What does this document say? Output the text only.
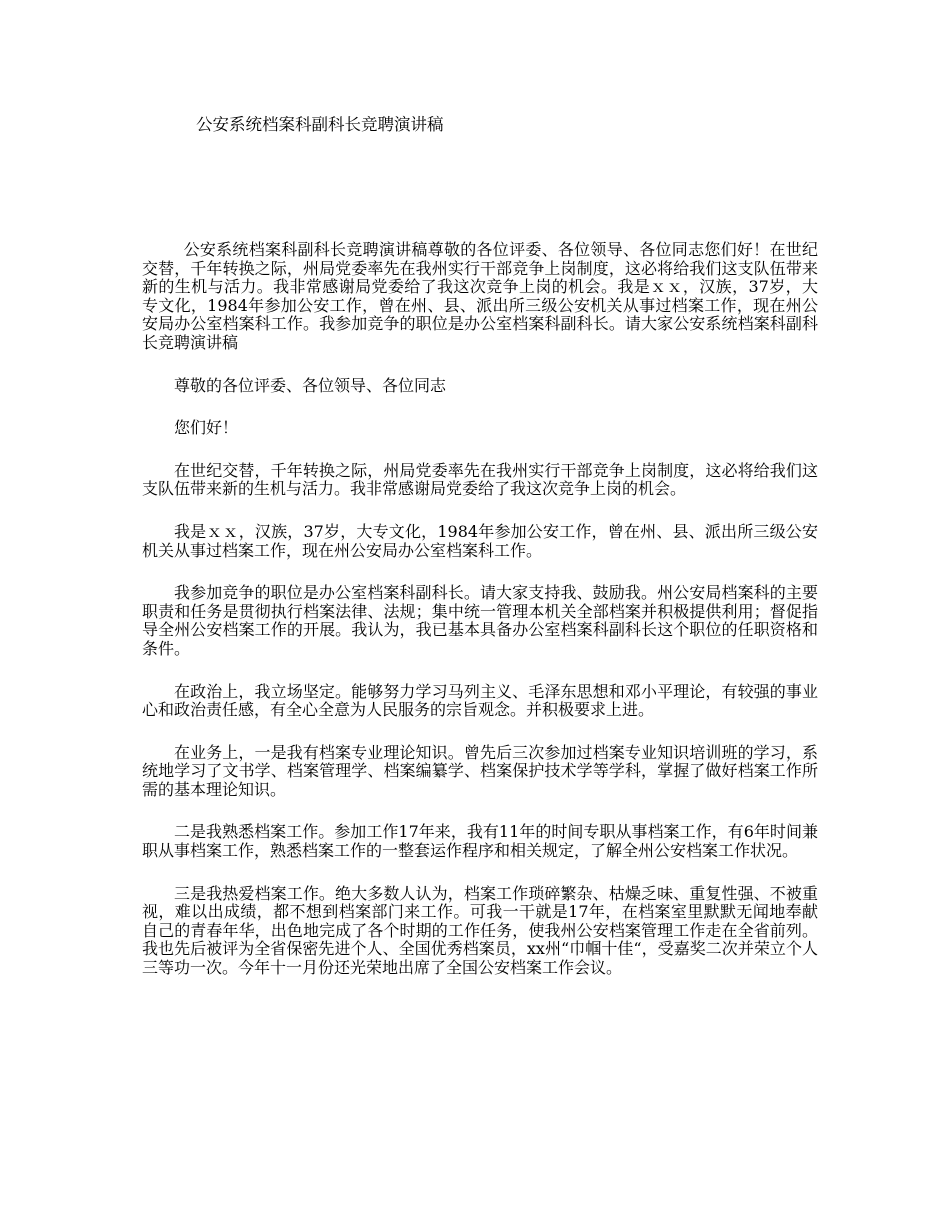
公安系统档案科副科长竞聘演讲稿

公安系统档案科副科长竞聘演讲稿尊敬的各位评委、各位领导、各位同志您们好！在世纪交替，千年转换之际，州局党委率先在我州实行干部竞争上岗制度，这必将给我们这支队伍带来新的生机与活力。我非常感谢局党委给了我这次竞争上岗的机会。我是ｘｘ，汉族，37岁，大专文化，1984年参加公安工作，曾在州、县、派出所三级公安机关从事过档案工作，现在州公安局办公室档案科工作。我参加竞争的职位是办公室档案科副科长。请大家公安系统档案科副科长竞聘演讲稿

尊敬的各位评委、各位领导、各位同志

您们好！

在世纪交替，千年转换之际，州局党委率先在我州实行干部竞争上岗制度，这必将给我们这支队伍带来新的生机与活力。我非常感谢局党委给了我这次竞争上岗的机会。

我是ｘｘ，汉族，37岁，大专文化，1984年参加公安工作，曾在州、县、派出所三级公安机关从事过档案工作，现在州公安局办公室档案科工作。

我参加竞争的职位是办公室档案科副科长。请大家支持我、鼓励我。州公安局档案科的主要职责和任务是贯彻执行档案法律、法规；集中统一管理本机关全部档案并积极提供利用；督促指导全州公安档案工作的开展。我认为，我已基本具备办公室档案科副科长这个职位的任职资格和条件。

在政治上，我立场坚定。能够努力学习马列主义、毛泽东思想和邓小平理论，有较强的事业心和政治责任感，有全心全意为人民服务的宗旨观念。并积极要求上进。

在业务上，一是我有档案专业理论知识。曾先后三次参加过档案专业知识培训班的学习，系统地学习了文书学、档案管理学、档案编纂学、档案保护技术学等学科，掌握了做好档案工作所需的基本理论知识。

二是我熟悉档案工作。参加工作17年来，我有11年的时间专职从事档案工作，有6年时间兼职从事档案工作，熟悉档案工作的一整套运作程序和相关规定，了解全州公安档案工作状况。

三是我热爱档案工作。绝大多数人认为，档案工作琐碎繁杂、枯燥乏味、重复性强、不被重视，难以出成绩，都不想到档案部门来工作。可我一干就是17年，在档案室里默默无闻地奉献自己的青春年华，出色地完成了各个时期的工作任务，使我州公安档案管理工作走在全省前列。我也先后被评为全省保密先进个人、全国优秀档案员，xx州“巾帼十佳“，受嘉奖二次并荣立个人三等功一次。今年十一月份还光荣地出席了全国公安档案工作会议。
